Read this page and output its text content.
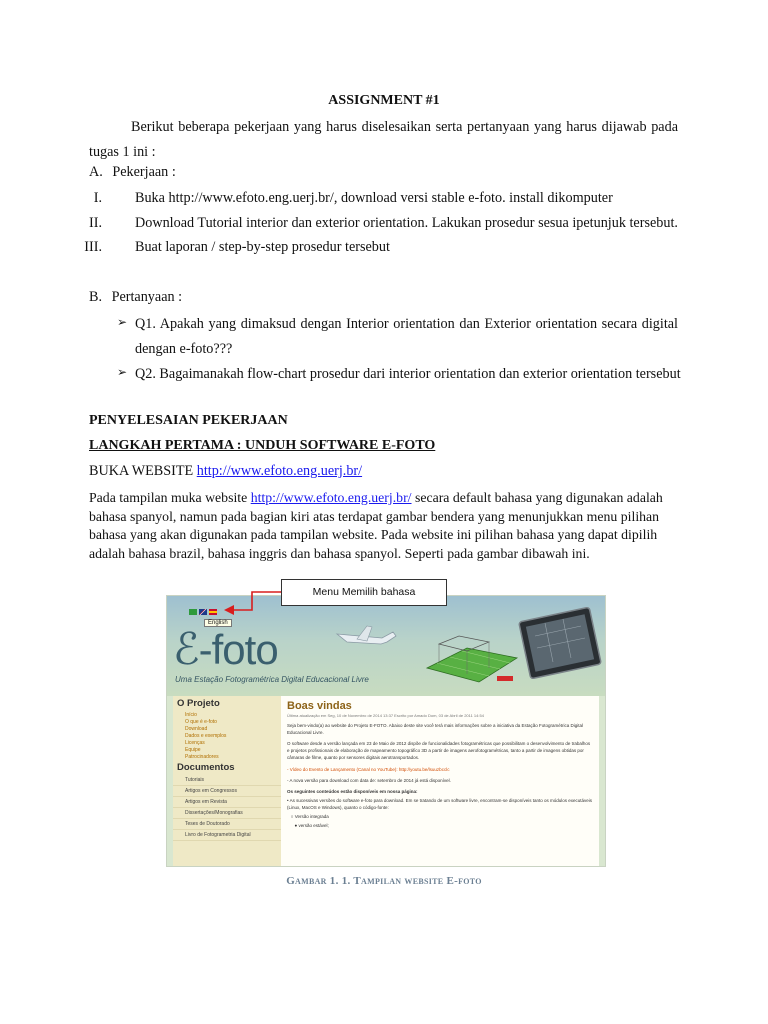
ASSIGNMENT #1
Berikut beberapa pekerjaan yang harus diselesaikan serta pertanyaan yang harus dijawab pada tugas 1 ini :
A. Pekerjaan :
I. Buka http://www.efoto.eng.uerj.br/, download versi stable e-foto. install dikomputer
II. Download Tutorial interior dan exterior orientation. Lakukan prosedur sesua ipetunjuk tersebut.
III. Buat laporan / step-by-step prosedur tersebut
B. Pertanyaan :
➢ Q1. Apakah yang dimaksud dengan Interior orientation dan Exterior orientation secara digital dengan e-foto???
➢ Q2. Bagaimanakah flow-chart prosedur dari interior orientation dan exterior orientation tersebut
PENYELESAIAN PEKERJAAN
LANGKAH PERTAMA : UNDUH SOFTWARE E-FOTO
BUKA WEBSITE http://www.efoto.eng.uerj.br/
Pada tampilan muka website http://www.efoto.eng.uerj.br/ secara default bahasa yang digunakan adalah bahasa spanyol, namun pada bagian kiri atas terdapat gambar bendera yang menunjukkan menu pilihan bahasa yang akan digunakan pada tampilan website. Pada website ini pilihan bahasa yang dapat dipilih adalah bahasa brazil, bahasa inggris dan bahasa spanyol. Seperti pada gambar dibawah ini.
English
ℰ-foto
Uma Estação Fotogramétrica Digital Educacional Livre
O Projeto
Início
O que é e-foto
Download
Dados e exemplos
Licenças
Equipe
Patrocinadores
Documentos
Tutoriais
Artigos em Congressos
Artigos em Revista
Dissertações/Monografias
Teses de Doutorado
Livro de Fotogrametria Digital
Boas vindas
Última atualização em Seg, 10 de Novembro de 2014 13:37 Escrito por Amado Dom, 03 de Abril de 2011 14:54
Seja bem-vindo(a) ao website do Projeto E-FOTO. Abaixo deste site você terá mais informações sobre a iniciativa da Estação Fotogramétrica Digital Educacional Livre.
O software desde a versão lançada em 23 de Maio de 2012 dispõe de funcionalidades fotogramétricas que possibilitam o desenvolvimento de trabalhos e projetos profissionais de elaboração de mapeamento topográfico 3D a partir de imagens aerofotogramétricas, tanto a partir de imagens obtidas por câmaras de filme, quanto por sensores digitais aerotransportados.
- Vídeo do Evento de Lançamento (Canal no YouTube): http://youtu.be/lsuuzbcclc
- A nova versão para download com data de: setembro de 2014 já está disponível.
Os seguintes conteúdos estão disponíveis em nossa página:
• As sucessivas versões do software e-foto para download. Em se tratando de um software livre, encontram-se disponíveis tanto os módulos executáveis (Linux, MacOS e Windows), quanto o código-fonte:
○ Versão integrada
● versão estável;
Menu Memilih bahasa
Gambar 1. 1. Tampilan website E-foto
